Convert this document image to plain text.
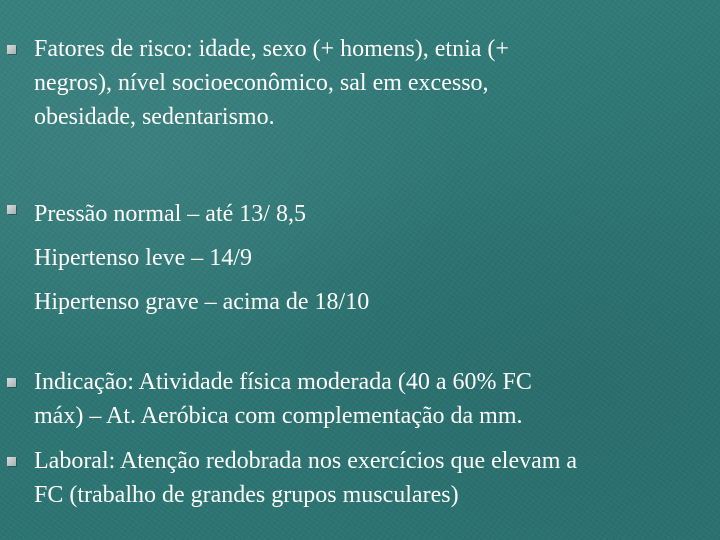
Fatores de risco: idade, sexo (+ homens), etnia (+
negros), nível socioeconômico, sal em excesso,
obesidade, sedentarismo.
Pressão normal – até 13/ 8,5
Hipertenso leve – 14/9
Hipertenso grave – acima de 18/10
Indicação: Atividade física moderada (40 a 60% FC
máx) – At. Aeróbica com complementação da mm.
Laboral: Atenção redobrada nos exercícios que elevam a
FC (trabalho de grandes grupos musculares)
